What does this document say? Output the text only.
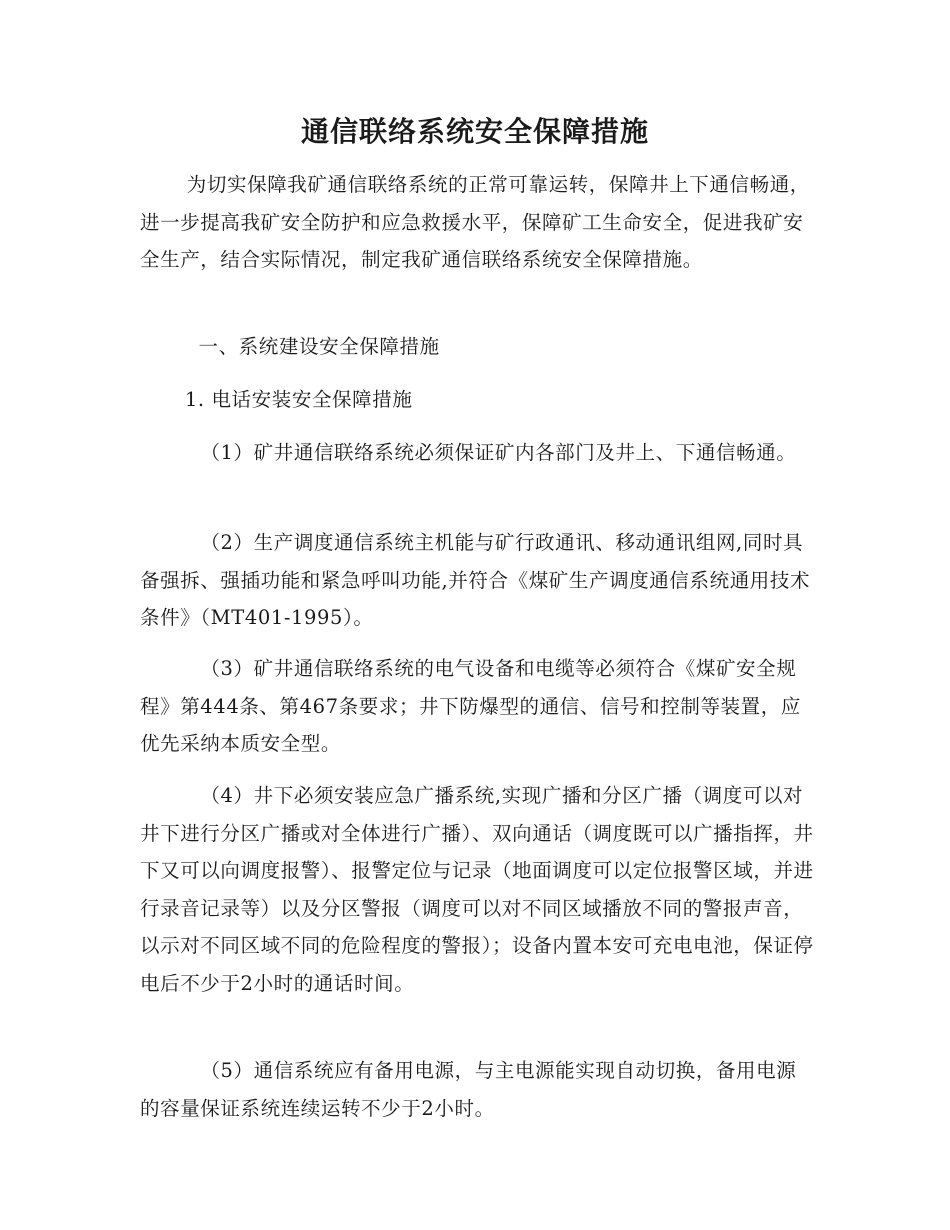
通信联络系统安全保障措施

为切实保障我矿通信联络系统的正常可靠运转，保障井上下通信畅通，进一步提高我矿安全防护和应急救援水平，保障矿工生命安全，促进我矿安全生产，结合实际情况，制定我矿通信联络系统安全保障措施。

一、系统建设安全保障措施

1. 电话安装安全保障措施

（1）矿井通信联络系统必须保证矿内各部门及井上、下通信畅通。

（2）生产调度通信系统主机能与矿行政通讯、移动通讯组网,同时具备强拆、强插功能和紧急呼叫功能,并符合《煤矿生产调度通信系统通用技术条件》（MT401-1995）。

（3）矿井通信联络系统的电气设备和电缆等必须符合《煤矿安全规程》第444条、第467条要求；井下防爆型的通信、信号和控制等装置，应优先采纳本质安全型。

（4）井下必须安装应急广播系统,实现广播和分区广播（调度可以对井下进行分区广播或对全体进行广播）、双向通话（调度既可以广播指挥，井下又可以向调度报警）、报警定位与记录（地面调度可以定位报警区域，并进行录音记录等）以及分区警报（调度可以对不同区域播放不同的警报声音，以示对不同区域不同的危险程度的警报）；设备内置本安可充电电池，保证停电后不少于2小时的通话时间。

（5）通信系统应有备用电源，与主电源能实现自动切换，备用电源的容量保证系统连续运转不少于2小时。
